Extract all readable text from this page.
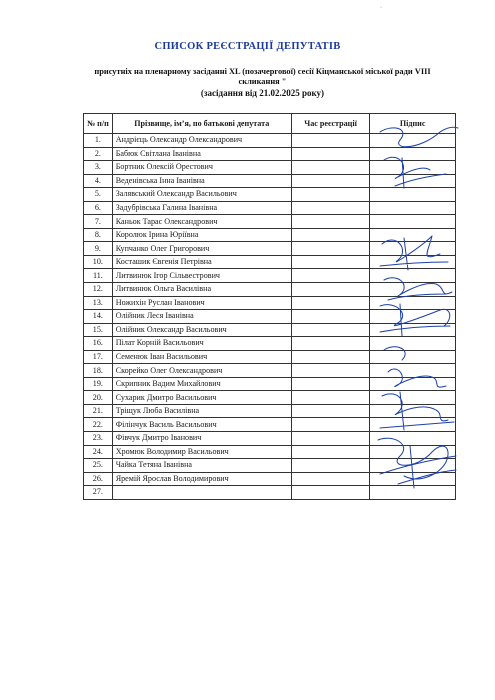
·
СПИСОК РЕЄСТРАЦІЇ ДЕПУТАТІВ
присутніх на пленарному засіданні XL (позачергової) сесії Кіцманської міської ради VIII
скликання "
(засідання від 21.02.2025 року)
№ п/п	Прізвище, ім’я, по батькові депутата	Час реєстрації	Підпис
1.	Андрієць Олександр Олександрович		
2.	Бабюк Світлана Іванівна		
3.	Бортник Олексій Орестович		
4.	Веденівська Інна Іванівна		
5.	Залявський Олександр Васильович		
6.	Задубрівська Галина Іванівна		
7.	Каньок Тарас Олександрович		
8.	Королюк Ірина Юріївна		
9.	Купчанко Олег Григорович		
10.	Косташик Євгенія Петрівна		
11.	Литвинюк Ігор Сільвестрович		
12.	Литвинюк Ольга Василівна		
13.	Ножихін Руслан Іванович		
14.	Олійник Леся Іванівна		
15.	Олійник Олександр Васильович		
16.	Пілат Корній Васильович		
17.	Семенюк Іван Васильович		
18.	Скорейко Олег Олександрович		
19.	Скрипник Вадим Михайлович		
20.	Сухарик Дмитро Васильович		
21.	Тріщук Люба Василівна		
22.	Філінчук Василь Васильович		
23.	Фівчук Дмитро Іванович		
24.	Хромюк Володимир Васильович		
25.	Чайка Тетяна Іванівна		
26.	Яремій Ярослав Володимирович		
27.			
